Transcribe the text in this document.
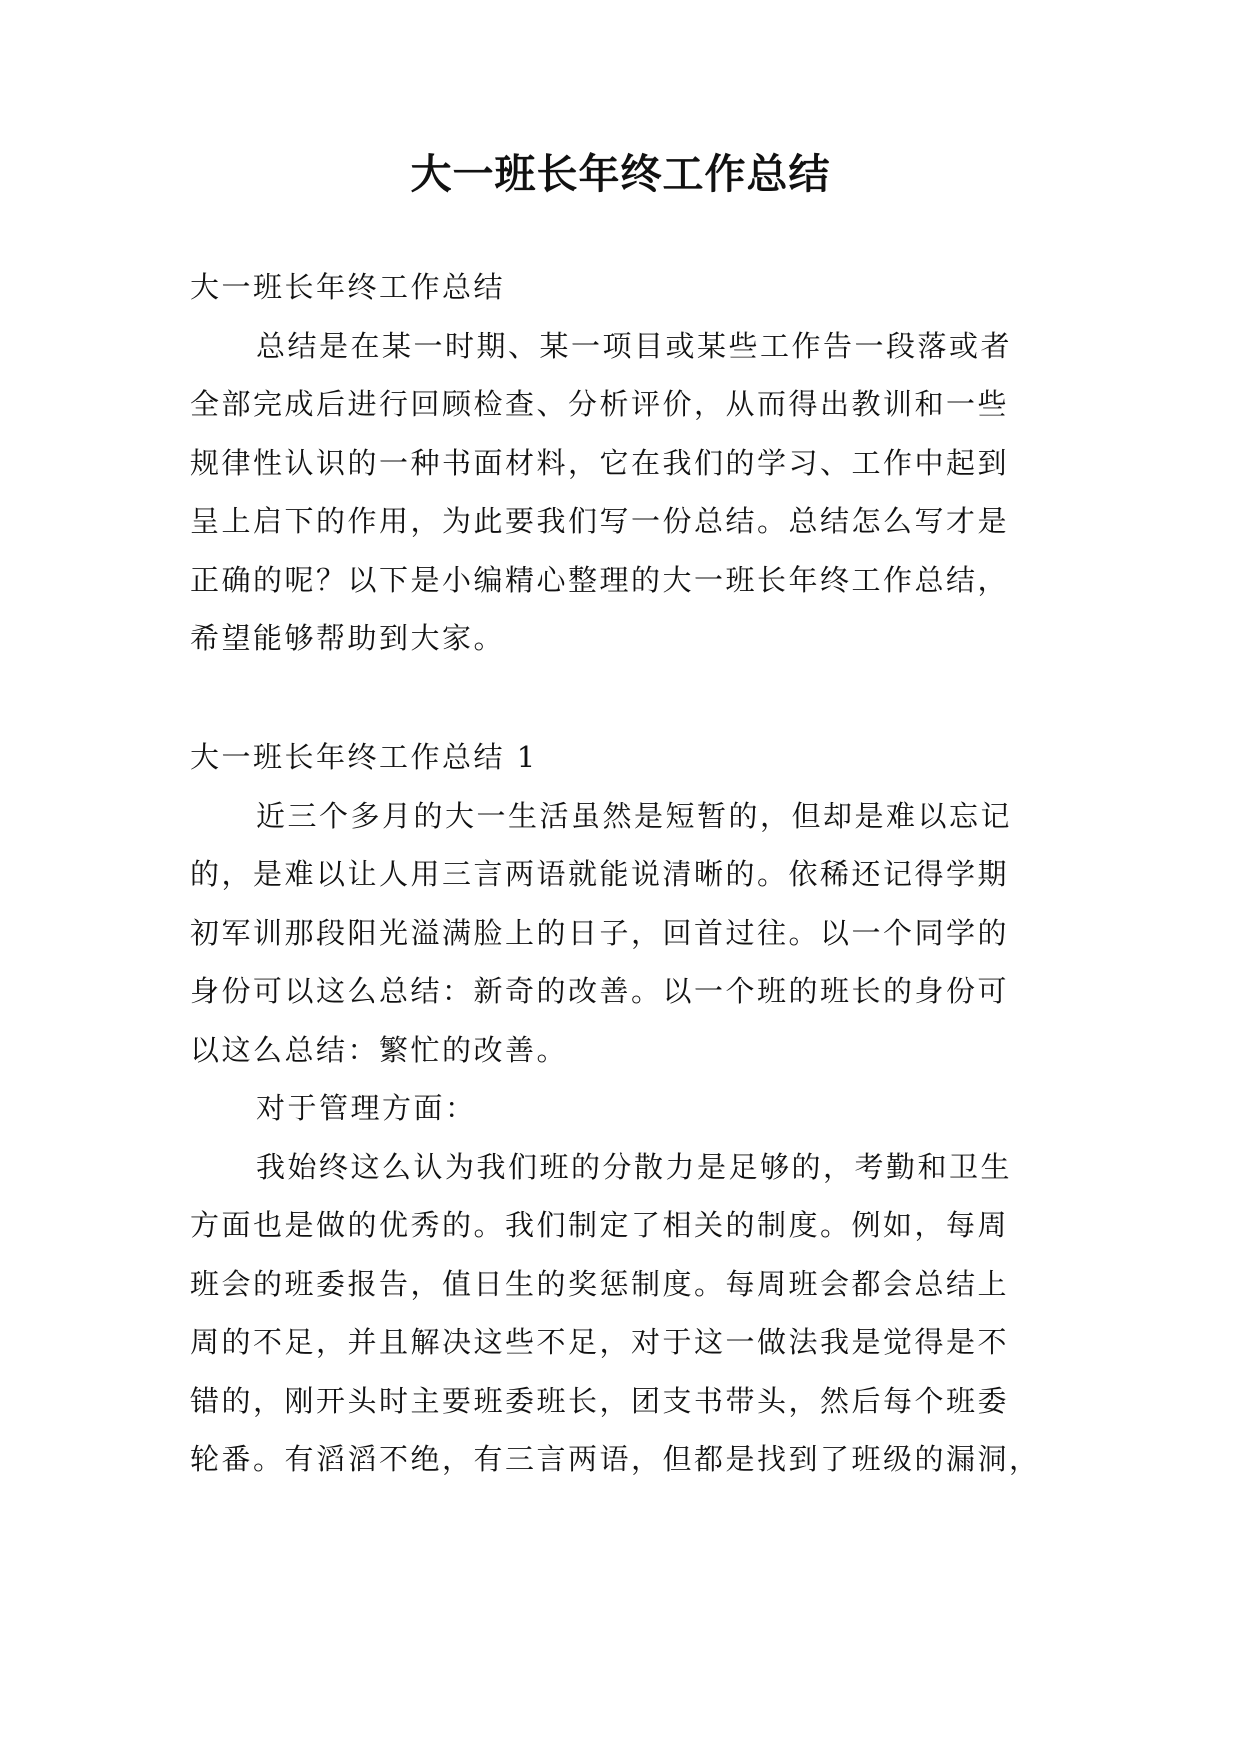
大一班长年终工作总结
大一班长年终工作总结
总结是在某一时期、某一项目或某些工作告一段落或者
全部完成后进行回顾检查、分析评价，从而得出教训和一些
规律性认识的一种书面材料，它在我们的学习、工作中起到
呈上启下的作用，为此要我们写一份总结。总结怎么写才是
正确的呢？以下是小编精心整理的大一班长年终工作总结，
希望能够帮助到大家。
大一班长年终工作总结 1
近三个多月的大一生活虽然是短暂的，但却是难以忘记
的，是难以让人用三言两语就能说清晰的。依稀还记得学期
初军训那段阳光溢满脸上的日子，回首过往。以一个同学的
身份可以这么总结：新奇的改善。以一个班的班长的身份可
以这么总结：繁忙的改善。
对于管理方面：
我始终这么认为我们班的分散力是足够的，考勤和卫生
方面也是做的优秀的。我们制定了相关的制度。例如，每周
班会的班委报告，值日生的奖惩制度。每周班会都会总结上
周的不足，并且解决这些不足，对于这一做法我是觉得是不
错的，刚开头时主要班委班长，团支书带头，然后每个班委
轮番。有滔滔不绝，有三言两语，但都是找到了班级的漏洞，
